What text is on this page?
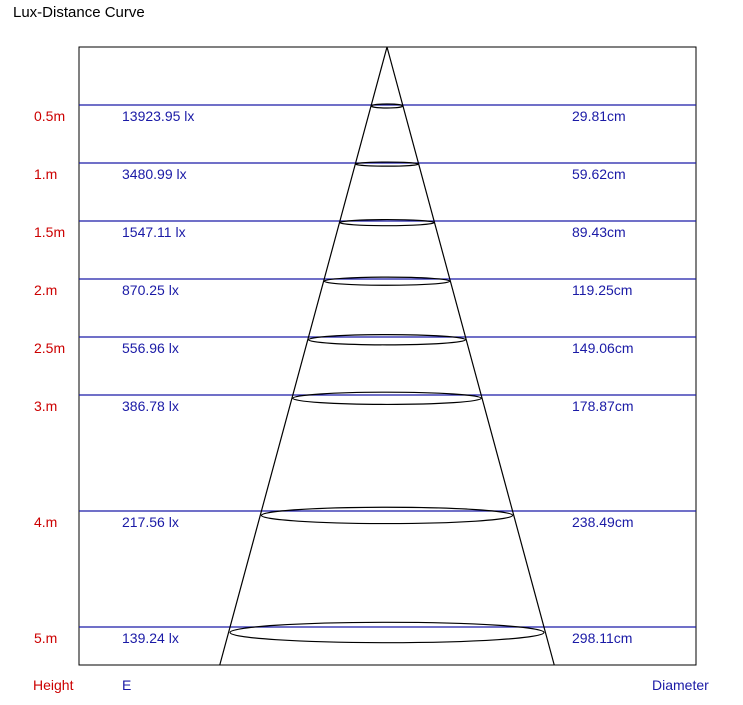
Lux-Distance Curve
0.5m	13923.95 lx	29.81cm
1.m	3480.99 lx	59.62cm
1.5m	1547.11 lx	89.43cm
2.m	870.25 lx	119.25cm
2.5m	556.96 lx	149.06cm
3.m	386.78 lx	178.87cm
4.m	217.56 lx	238.49cm
5.m	139.24 lx	298.11cm
Height	E	Diameter
